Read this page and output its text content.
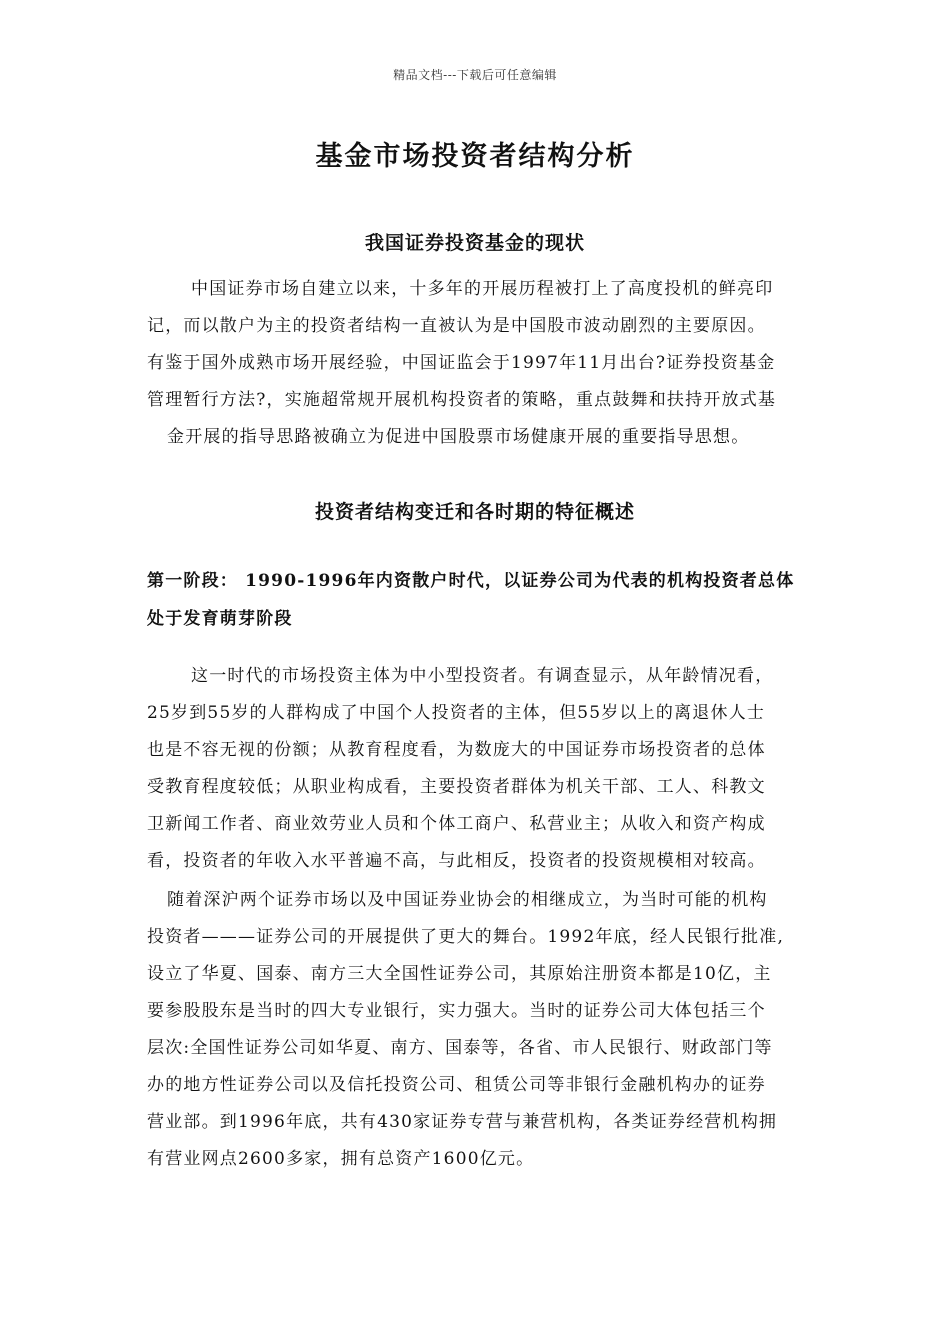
精品文档---下载后可任意编辑
基金市场投资者结构分析
我国证券投资基金的现状
中国证券市场自建立以来，十多年的开展历程被打上了高度投机的鲜亮印
记，而以散户为主的投资者结构一直被认为是中国股市波动剧烈的主要原因。
有鉴于国外成熟市场开展经验，中国证监会于1997年11月出台?证券投资基金
管理暂行方法?，实施超常规开展机构投资者的策略，重点鼓舞和扶持开放式基
金开展的指导思路被确立为促进中国股票市场健康开展的重要指导思想。
投资者结构变迁和各时期的特征概述
第一阶段： 1990-1996年内资散户时代，以证券公司为代表的机构投资者总体
处于发育萌芽阶段
这一时代的市场投资主体为中小型投资者。有调查显示，从年龄情况看，
25岁到55岁的人群构成了中国个人投资者的主体，但55岁以上的离退休人士
也是不容无视的份额；从教育程度看，为数庞大的中国证券市场投资者的总体
受教育程度较低；从职业构成看，主要投资者群体为机关干部、工人、科教文
卫新闻工作者、商业效劳业人员和个体工商户、私营业主；从收入和资产构成
看，投资者的年收入水平普遍不高，与此相反，投资者的投资规模相对较高。
随着深沪两个证券市场以及中国证券业协会的相继成立，为当时可能的机构
投资者———证券公司的开展提供了更大的舞台。1992年底，经人民银行批准,
设立了华夏、国泰、南方三大全国性证券公司，其原始注册资本都是10亿，主
要参股股东是当时的四大专业银行，实力强大。当时的证券公司大体包括三个
层次:全国性证券公司如华夏、南方、国泰等，各省、市人民银行、财政部门等
办的地方性证券公司以及信托投资公司、租赁公司等非银行金融机构办的证券
营业部。到1996年底，共有430家证券专营与兼营机构，各类证券经营机构拥
有营业网点2600多家，拥有总资产1600亿元。
